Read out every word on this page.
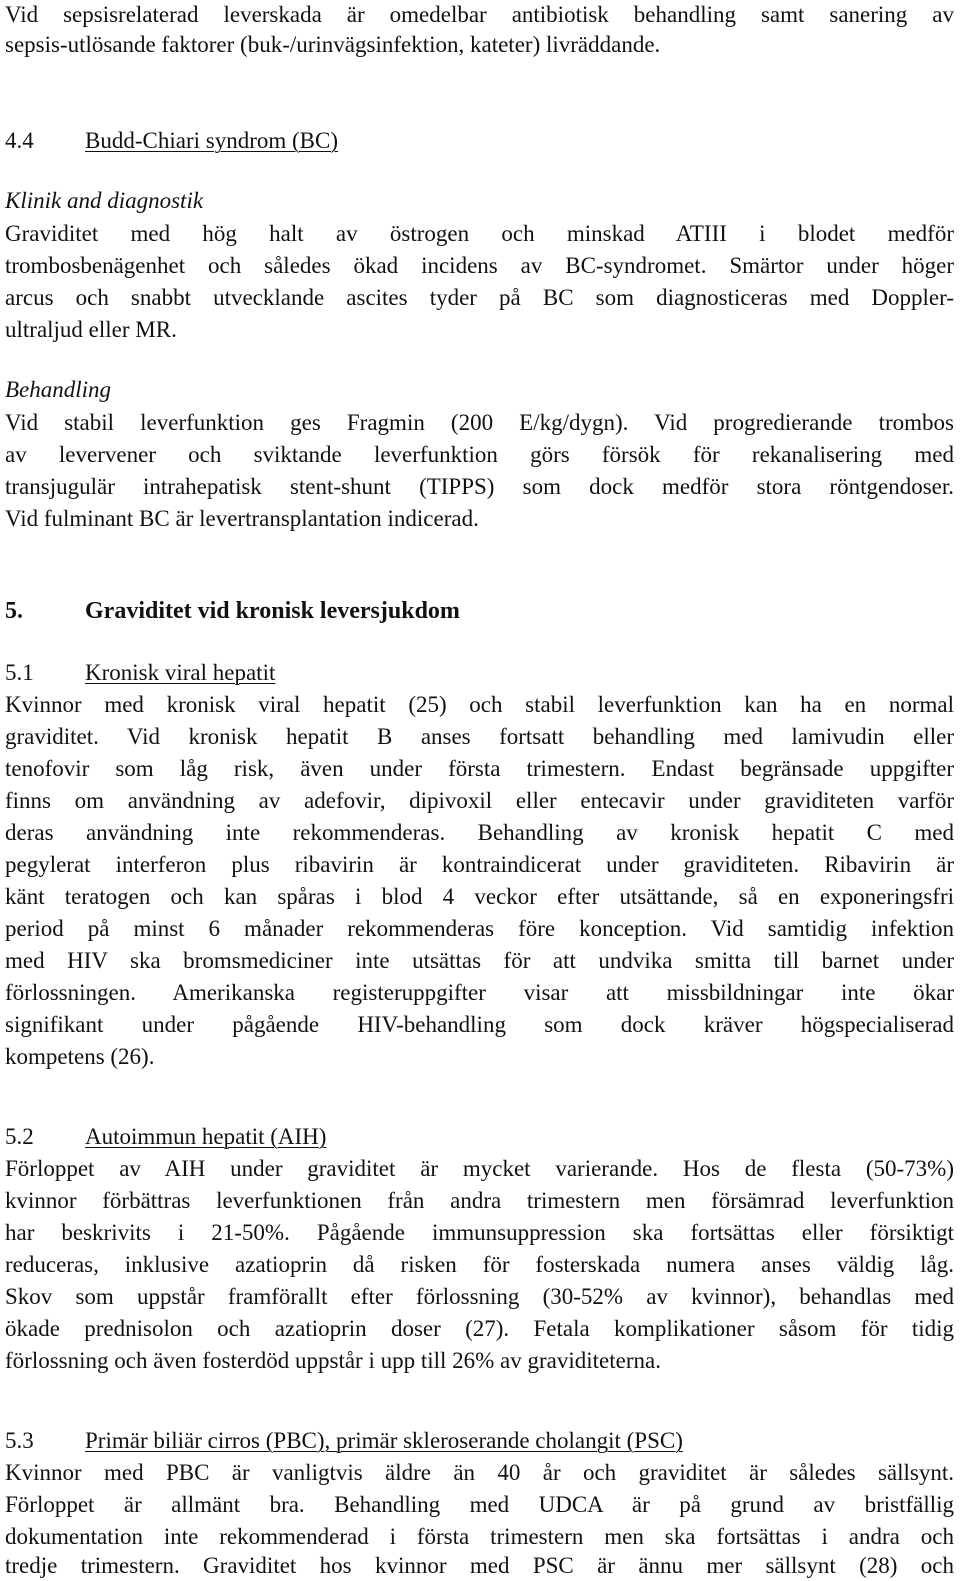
Vid sepsisrelaterad leverskada är omedelbar antibiotisk behandling samt sanering av
sepsis-utlösande faktorer (buk-/urinvägsinfektion, kateter) livräddande.
4.4 Budd-Chiari syndrom (BC)
Klinik and diagnostik
Graviditet med hög halt av östrogen och minskad ATIII i blodet medför
trombosbenägenhet och således ökad incidens av BC-syndromet. Smärtor under höger
arcus och snabbt utvecklande ascites tyder på BC som diagnosticeras med Doppler-
ultraljud eller MR.
Behandling
Vid stabil leverfunktion ges Fragmin (200 E/kg/dygn). Vid progredierande trombos
av levervener och sviktande leverfunktion görs försök för rekanalisering med
transjugulär intrahepatisk stent-shunt (TIPPS) som dock medför stora röntgendoser.
Vid fulminant BC är levertransplantation indicerad.
5.	Graviditet vid kronisk leversjukdom
5.1 Kronisk viral hepatit
Kvinnor med kronisk viral hepatit (25) och stabil leverfunktion kan ha en normal
graviditet. Vid kronisk hepatit B anses fortsatt behandling med lamivudin eller
tenofovir som låg risk, även under första trimestern. Endast begränsade uppgifter
finns om användning av adefovir, dipivoxil eller entecavir under graviditeten varför
deras användning inte rekommenderas. Behandling av kronisk hepatit C med
pegylerat interferon plus ribavirin är kontraindicerat under graviditeten. Ribavirin är
känt teratogen och kan spåras i blod 4 veckor efter utsättande, så en exponeringsfri
period på minst 6 månader rekommenderas före konception. Vid samtidig infektion
med HIV ska bromsmediciner inte utsättas för att undvika smitta till barnet under
förlossningen. Amerikanska registeruppgifter visar att missbildningar inte ökar
signifikant under pågående HIV-behandling som dock kräver högspecialiserad
kompetens (26).
5.2 Autoimmun hepatit (AIH)
Förloppet av AIH under graviditet är mycket varierande. Hos de flesta (50-73%)
kvinnor förbättras leverfunktionen från andra trimestern men försämrad leverfunktion
har beskrivits i 21-50%. Pågående immunsuppression ska fortsättas eller försiktigt
reduceras, inklusive azatioprin då risken för fosterskada numera anses väldig låg.
Skov som uppstår framförallt efter förlossning (30-52% av kvinnor), behandlas med
ökade prednisolon och azatioprin doser (27). Fetala komplikationer såsom för tidig
förlossning och även fosterdöd uppstår i upp till 26% av graviditeterna.
5.3 Primär biliär cirros (PBC), primär skleroserande cholangit (PSC)
Kvinnor med PBC är vanligtvis äldre än 40 år och graviditet är således sällsynt.
Förloppet är allmänt bra. Behandling med UDCA är på grund av bristfällig
dokumentation inte rekommenderad i första trimestern men ska fortsättas i andra och
tredje trimestern. Graviditet hos kvinnor med PSC är ännu mer sällsynt (28) och
